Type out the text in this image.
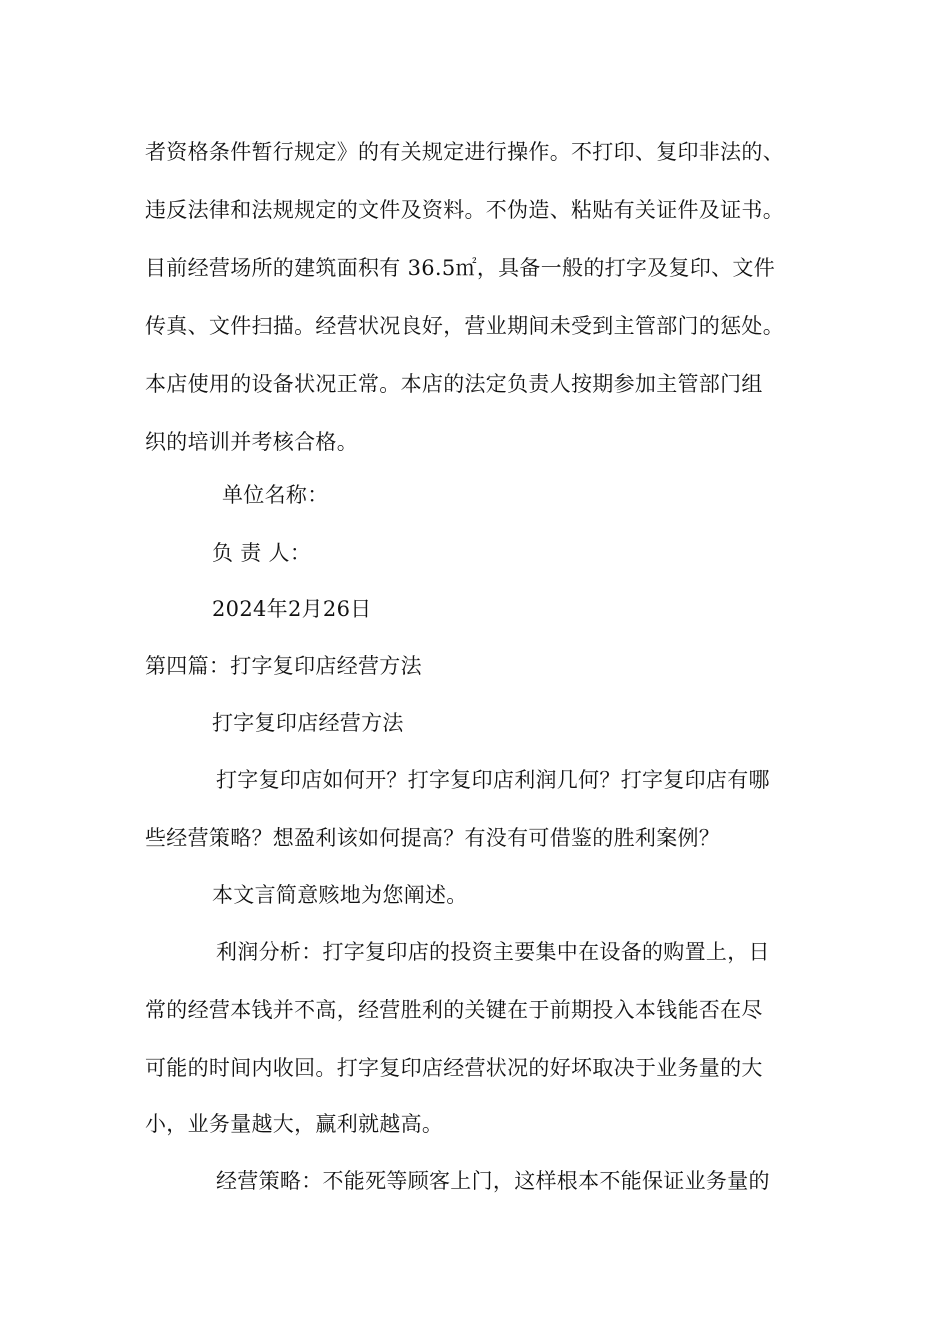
者资格条件暂行规定》的有关规定进行操作。不打印、复印非法的、
违反法律和法规规定的文件及资料。不伪造、粘贴有关证件及证书。
目前经营场所的建筑面积有 36.5㎡，具备一般的打字及复印、文件
传真、文件扫描。经营状况良好，营业期间未受到主管部门的惩处。
本店使用的设备状况正常。本店的法定负责人按期参加主管部门组
织的培训并考核合格。
单位名称：
负 责 人：
2024年2月26日
第四篇：打字复印店经营方法
打字复印店经营方法
打字复印店如何开？打字复印店利润几何？打字复印店有哪
些经营策略？想盈利该如何提高？有没有可借鉴的胜利案例？
本文言简意赅地为您阐述。
利润分析：打字复印店的投资主要集中在设备的购置上，日
常的经营本钱并不高，经营胜利的关键在于前期投入本钱能否在尽
可能的时间内收回。打字复印店经营状况的好坏取决于业务量的大
小，业务量越大，赢利就越高。
经营策略：不能死等顾客上门，这样根本不能保证业务量的
